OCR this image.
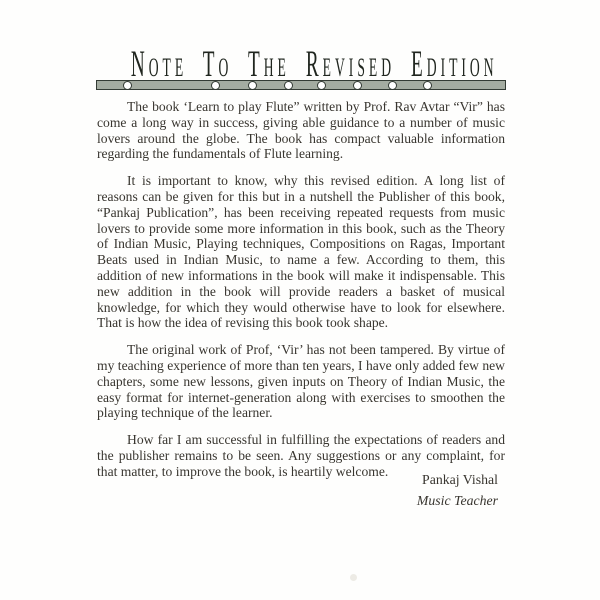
Note To The Revised Edition

The book ‘Learn to play Flute” written by Prof. Rav Avtar “Vir” has come a long way in success, giving able guidance to a number of music lovers around the globe. The book has compact valuable information regarding the fundamentals of Flute learning.

It is important to know, why this revised edition. A long list of reasons can be given for this but in a nutshell the Publisher of this book, “Pankaj Publication”, has been receiving repeated requests from music lovers to provide some more information in this book, such as the Theory of Indian Music, Playing techniques, Compositions on Ragas, Important Beats used in Indian Music, to name a few. According to them, this addition of new informations in the book will make it indispensable. This new addition in the book will provide readers a basket of musical knowledge, for which they would otherwise have to look for elsewhere. That is how the idea of revising this book took shape.

The original work of Prof, ‘Vir’ has not been tampered. By virtue of my teaching experience of more than ten years, I have only added few new chapters, some new lessons, given inputs on Theory of Indian Music, the easy format for internet-generation along with exercises to smoothen the playing technique of the learner.

How far I am successful in fulfilling the expectations of readers and the publisher remains to be seen. Any suggestions or any complaint, for that matter, to improve the book, is heartily welcome.

Pankaj Vishal
Music Teacher
